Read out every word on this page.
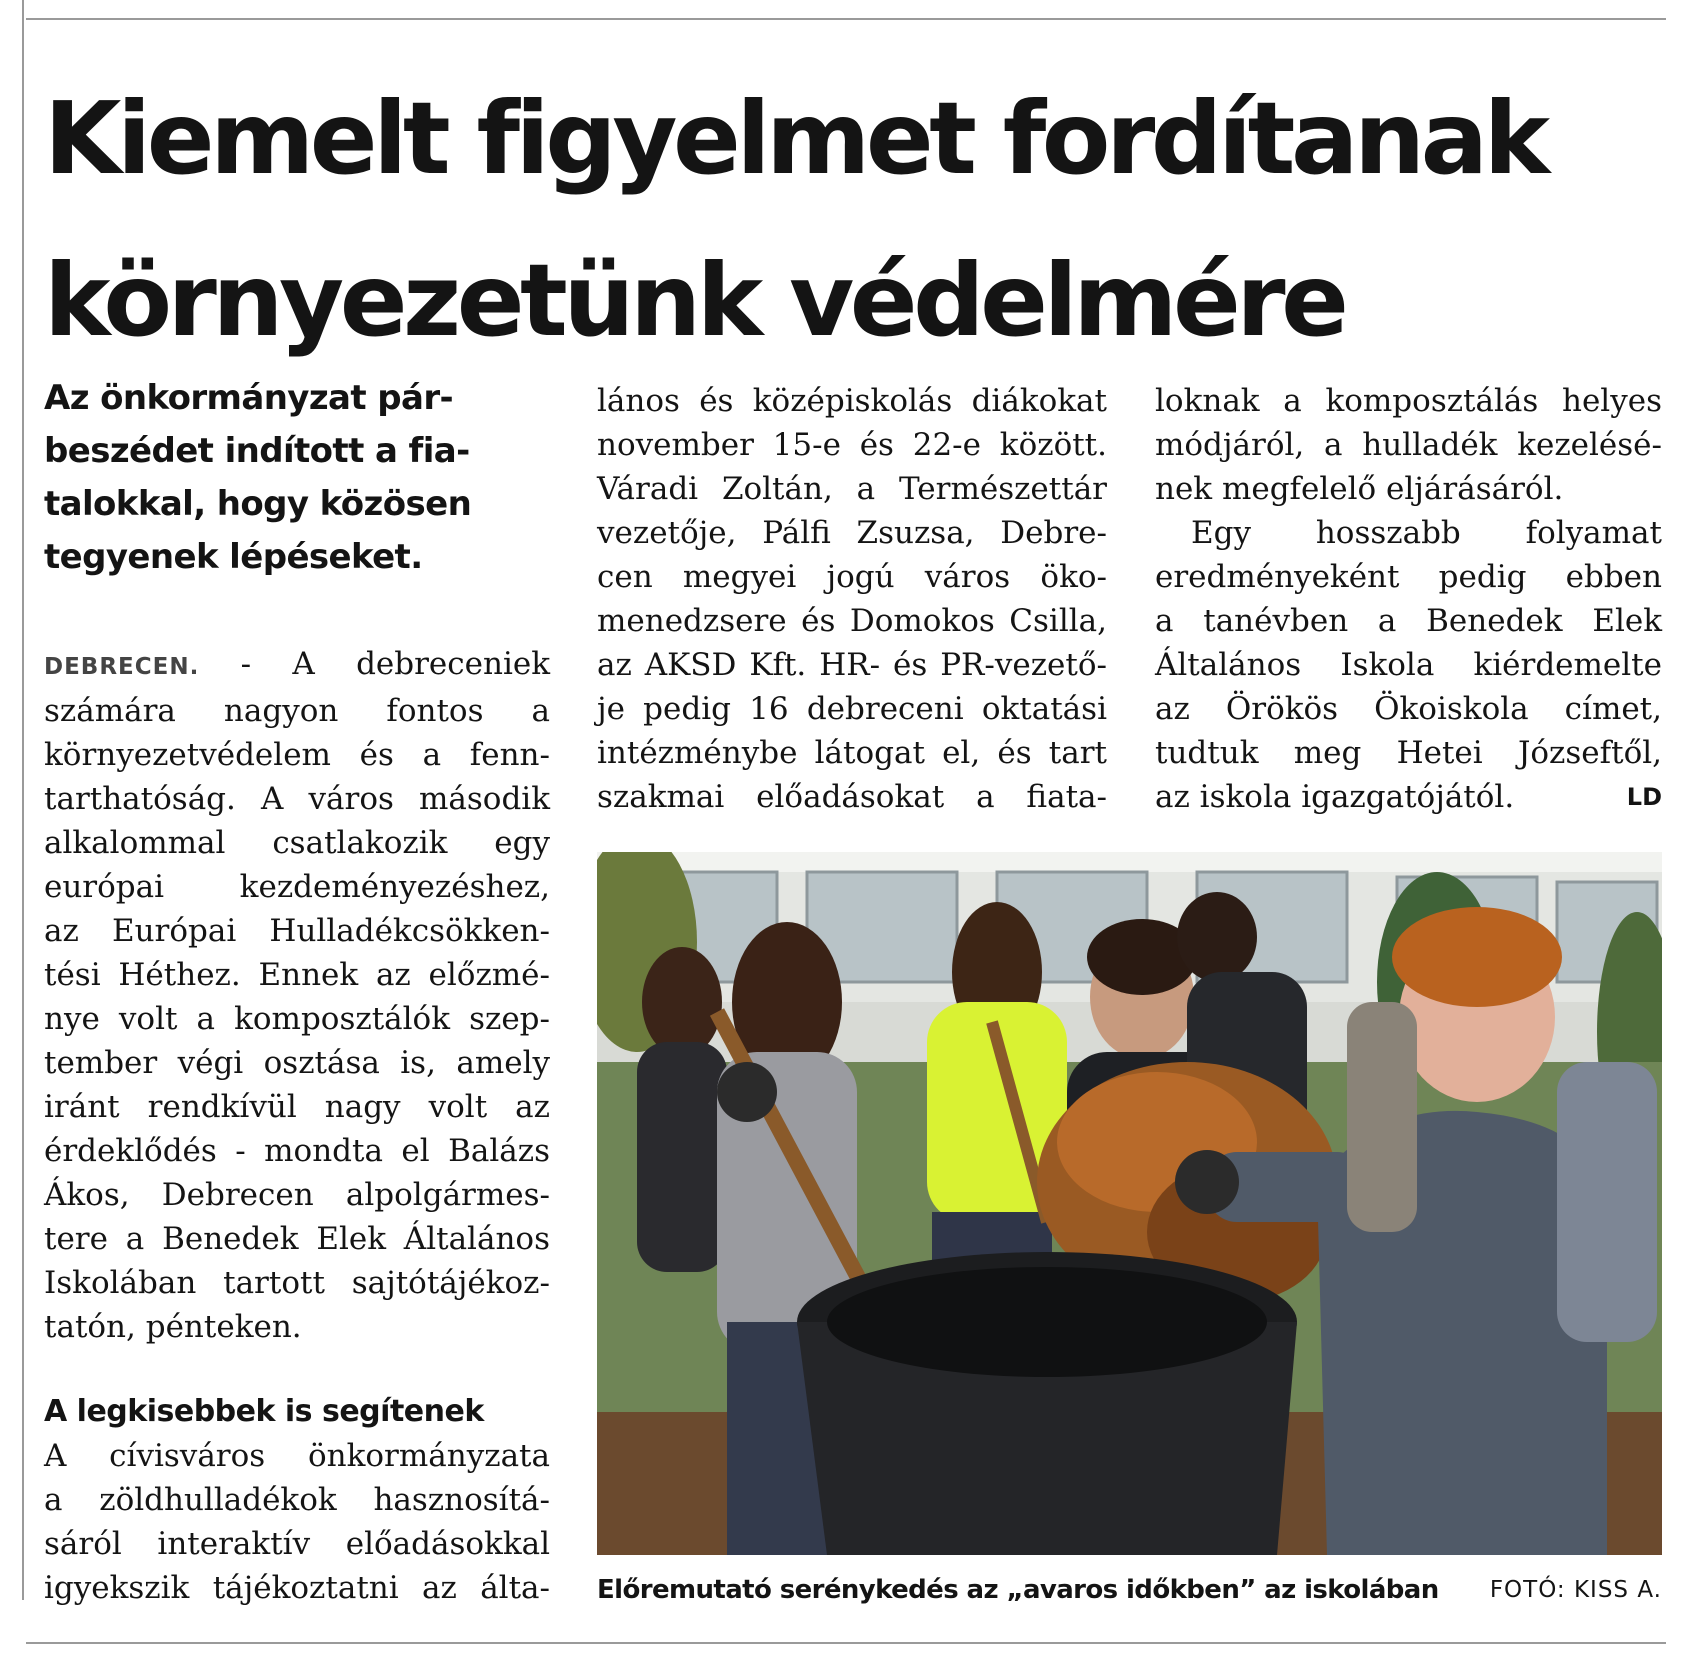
Kiemelt figyelmet fordítanak
környezetünk védelmére
Az önkormányzat pár-
beszédet indított a fia-
talokkal, hogy közösen
tegyenek lépéseket.
DEBRECEN. - A debreceniek
számára nagyon fontos a
környezetvédelem és a fenn-
tarthatóság. A város második
alkalommal csatlakozik egy
európai kezdeményezéshez,
az Európai Hulladékcsökken-
tési Héthez. Ennek az előzmé-
nye volt a komposztálók szep-
tember végi osztása is, amely
iránt rendkívül nagy volt az
érdeklődés - mondta el Balázs
Ákos, Debrecen alpolgármes-
tere a Benedek Elek Általános
Iskolában tartott sajtótájékoz-
tatón, pénteken.
A legkisebbek is segítenek
A cívisváros önkormányzata
a zöldhulladékok hasznosítá-
sáról interaktív előadásokkal
igyekszik tájékoztatni az álta-
lános és középiskolás diákokat
november 15-e és 22-e között.
Váradi Zoltán, a Természettár
vezetője, Pálfi Zsuzsa, Debre-
cen megyei jogú város öko-
menedzsere és Domokos Csilla,
az AKSD Kft. HR- és PR-vezető-
je pedig 16 debreceni oktatási
intézménybe látogat el, és tart
szakmai előadásokat a fiata-
loknak a komposztálás helyes
módjáról, a hulladék kezelésé-
nek megfelelő eljárásáról.
Egy hosszabb folyamat
eredményeként pedig ebben
a tanévben a Benedek Elek
Általános Iskola kiérdemelte
az Örökös Ökoiskola címet,
tudtuk meg Hetei Józseftől,
az iskola igazgatójától.	LD
Előremutató serénykedés az „avaros időkben” az iskolában FOTÓ: KISS A.
